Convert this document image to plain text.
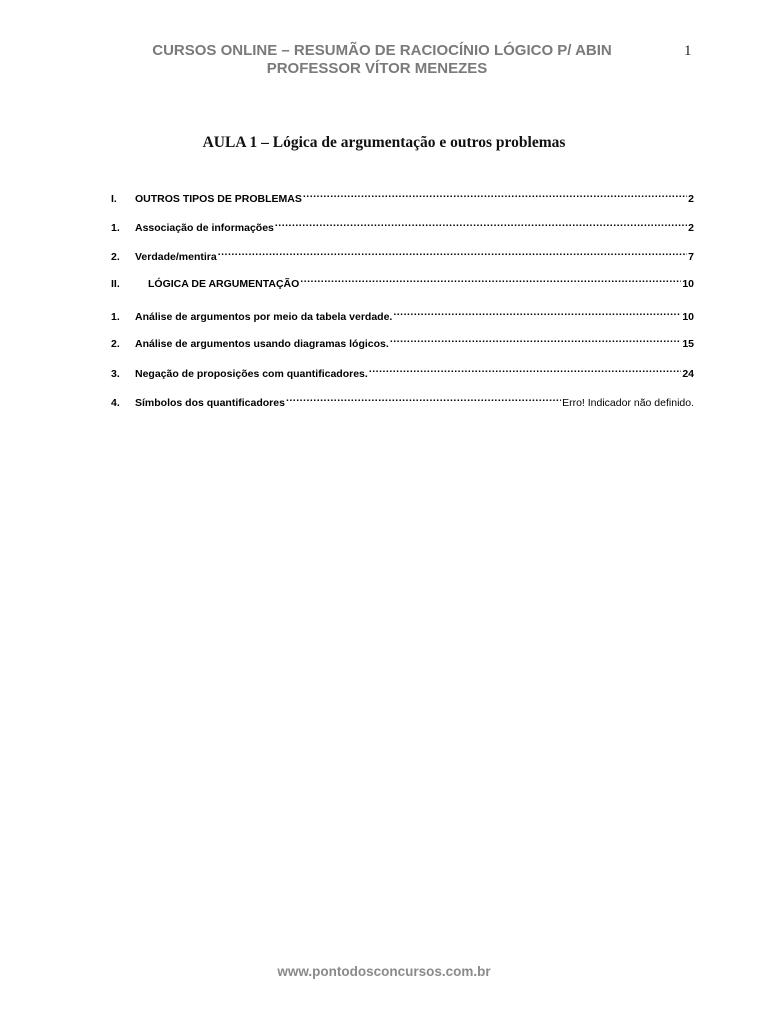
CURSOS ONLINE – RESUMÃO DE RACIOCÍNIO LÓGICO P/ ABIN
PROFESSOR VÍTOR MENEZES
1
AULA 1 – Lógica de argumentação e outros problemas
I.	OUTROS TIPOS DE PROBLEMAS .....	2
1.	Associação de informações .....	2
2.	Verdade/mentira .....	7
II.	LÓGICA DE ARGUMENTAÇÃO .....	10
1.	Análise de argumentos por meio da tabela verdade. .....	10
2.	Análise de argumentos usando diagramas lógicos. .....	15
3.	Negação de proposições com quantificadores. .....	24
4.	Símbolos dos quantificadores .....	Erro! Indicador não definido.
www.pontodosconcursos.com.br
